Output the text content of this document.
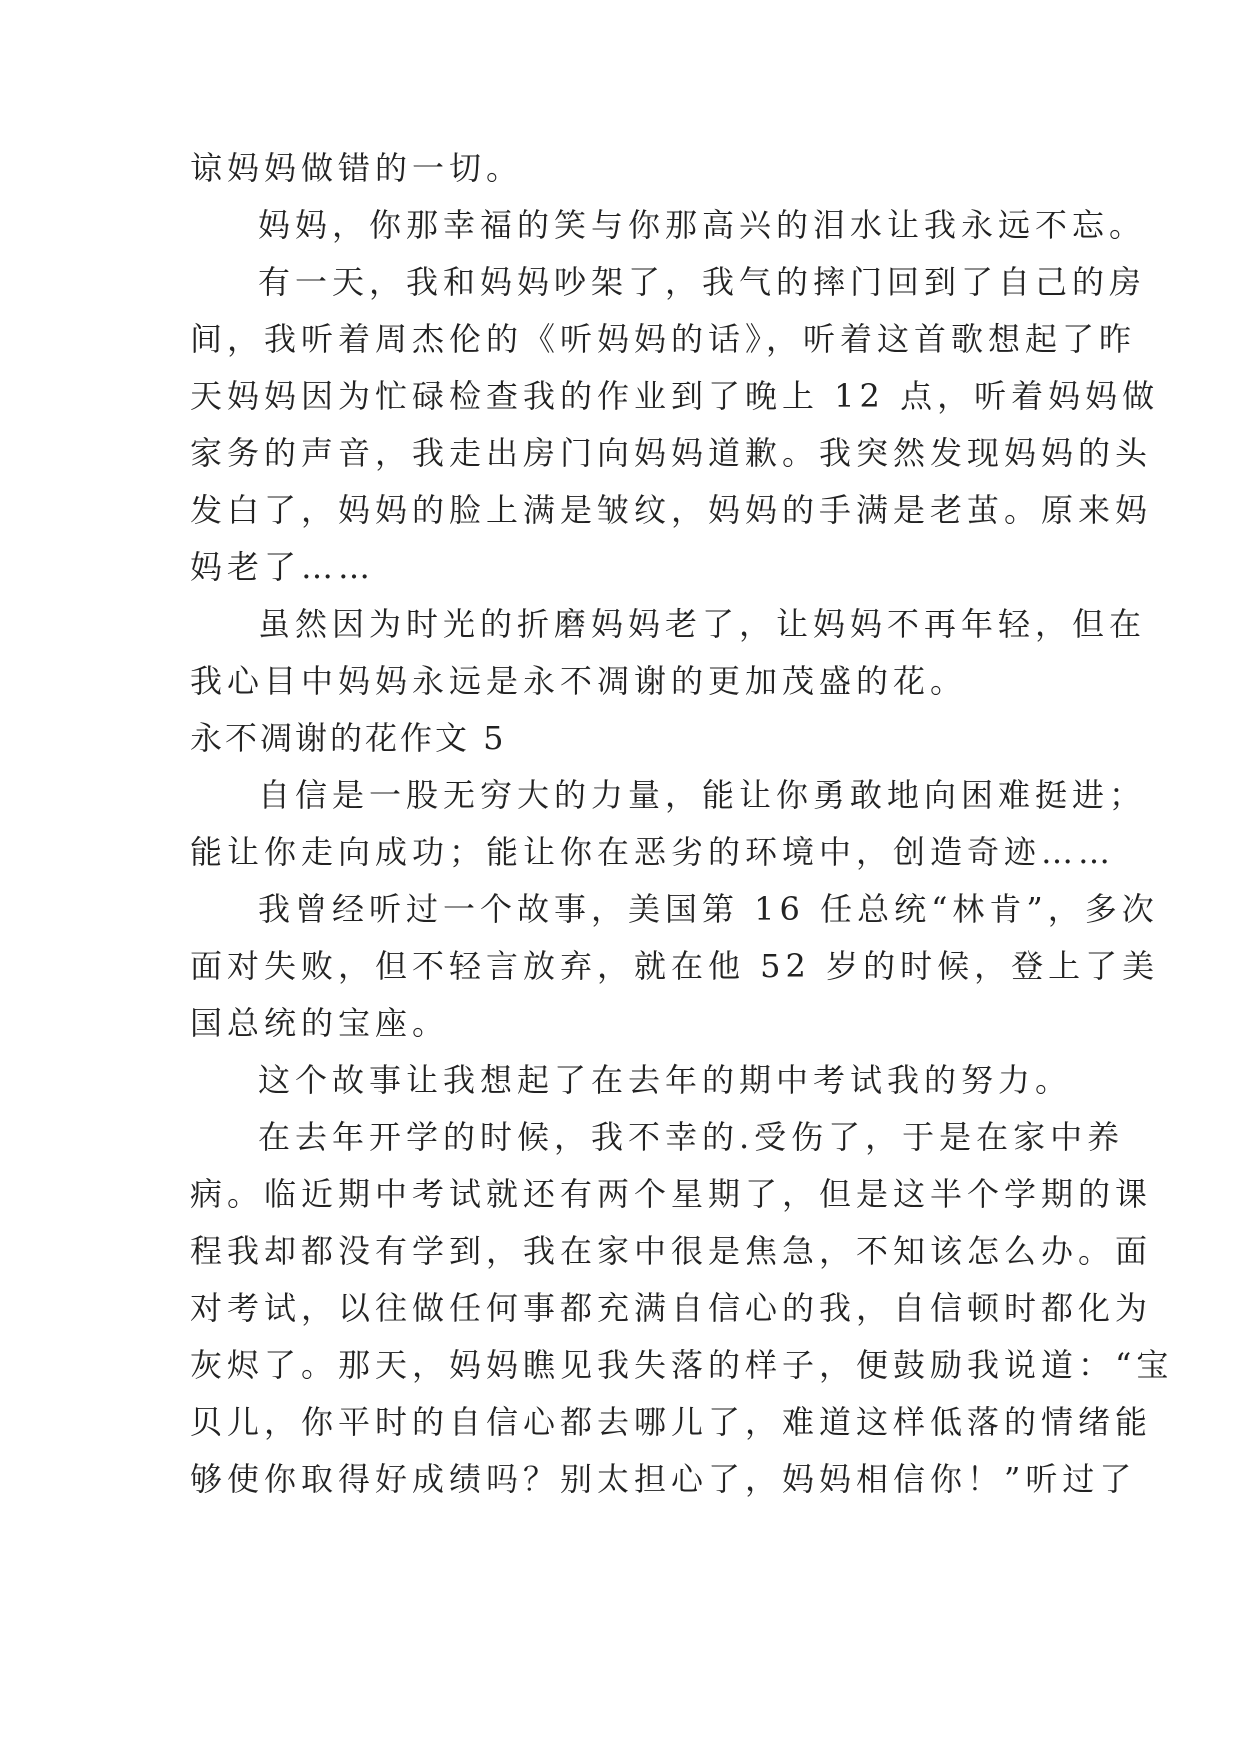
谅妈妈做错的一切。

妈妈，你那幸福的笑与你那高兴的泪水让我永远不忘。

有一天，我和妈妈吵架了，我气的摔门回到了自己的房

间，我听着周杰伦的《听妈妈的话》，听着这首歌想起了昨

天妈妈因为忙碌检查我的作业到了晚上 12 点，听着妈妈做

家务的声音，我走出房门向妈妈道歉。我突然发现妈妈的头

发白了，妈妈的脸上满是皱纹，妈妈的手满是老茧。原来妈

妈老了……

虽然因为时光的折磨妈妈老了，让妈妈不再年轻，但在

我心目中妈妈永远是永不凋谢的更加茂盛的花。

永不凋谢的花作文 5

自信是一股无穷大的力量，能让你勇敢地向困难挺进；

能让你走向成功；能让你在恶劣的环境中，创造奇迹……

我曾经听过一个故事，美国第 16 任总统“林肯”，多次

面对失败，但不轻言放弃，就在他 52 岁的时候，登上了美

国总统的宝座。

这个故事让我想起了在去年的期中考试我的努力。

在去年开学的时候，我不幸的.受伤了，于是在家中养

病。临近期中考试就还有两个星期了，但是这半个学期的课

程我却都没有学到，我在家中很是焦急，不知该怎么办。面

对考试，以往做任何事都充满自信心的我，自信顿时都化为

灰烬了。那天，妈妈瞧见我失落的样子，便鼓励我说道：“宝

贝儿，你平时的自信心都去哪儿了，难道这样低落的情绪能

够使你取得好成绩吗？别太担心了，妈妈相信你！”听过了
